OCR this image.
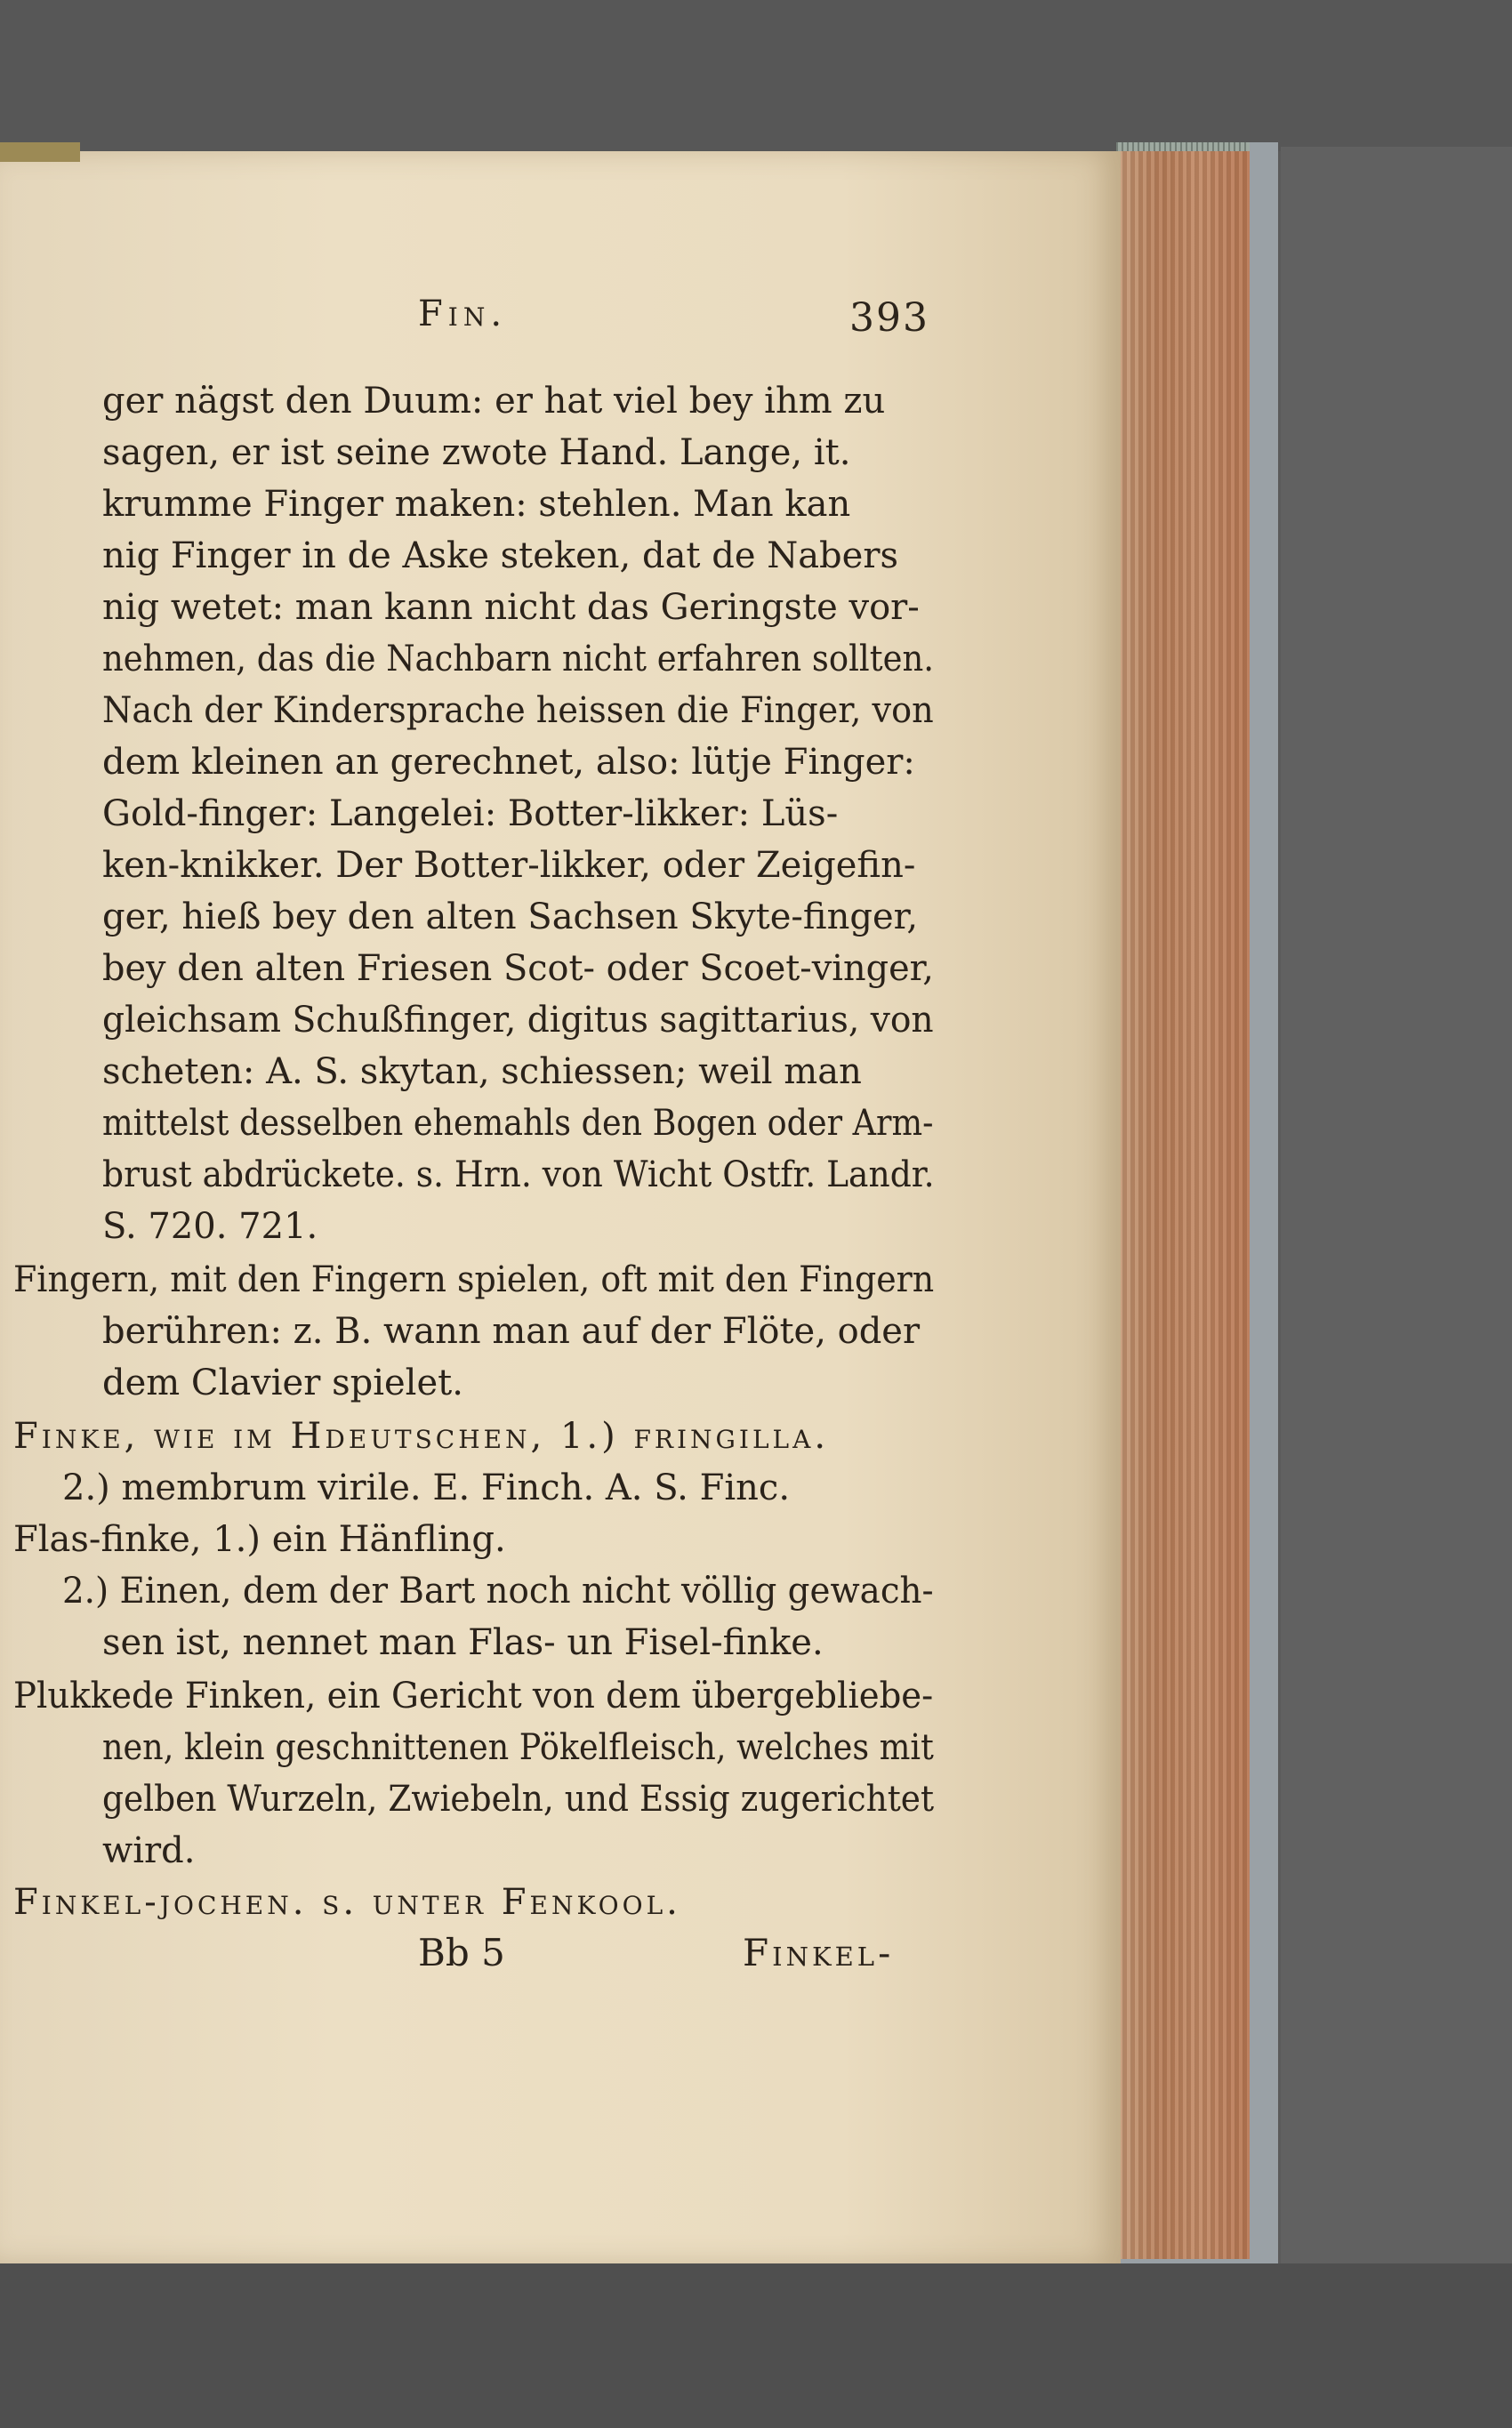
Fin.	393
ger nägst den Duum: er hat viel bey ihm zu
sagen, er ist seine zwote Hand. Lange, it.
krumme Finger maken: stehlen. Man kan
nig Finger in de Aske steken, dat de Nabers
nig wetet: man kann nicht das Geringste vor-
nehmen, das die Nachbarn nicht erfahren sollten.
Nach der Kindersprache heissen die Finger, von
dem kleinen an gerechnet, also: lütje Finger:
Gold-finger: Langelei: Botter-likker: Lüs-
ken-knikker. Der Botter-likker, oder Zeigefin-
ger, hieß bey den alten Sachsen Skyte-finger,
bey den alten Friesen Scot- oder Scoet-vinger,
gleichsam Schußfinger, digitus sagittarius, von
scheten: A. S. skytan, schiessen; weil man
mittelst desselben ehemahls den Bogen oder Arm-
brust abdrückete. s. Hrn. von Wicht Ostfr. Landr.
S. 720. 721.
Fingern, mit den Fingern spielen, oft mit den Fingern
berühren: z. B. wann man auf der Flöte, oder
dem Clavier spielet.
Finke, wie im Hdeutschen, 1.) fringilla.
2.) membrum virile. E. Finch. A. S. Finc.
Flas-finke, 1.) ein Hänfling.
2.) Einen, dem der Bart noch nicht völlig gewach-
sen ist, nennet man Flas- un Fisel-finke.
Plukkede Finken, ein Gericht von dem übergebliebe-
nen, klein geschnittenen Pökelfleisch, welches mit
gelben Wurzeln, Zwiebeln, und Essig zugerichtet
wird.
Finkel-jochen. s. unter Fenkool.
Bb 5	Finkel-
